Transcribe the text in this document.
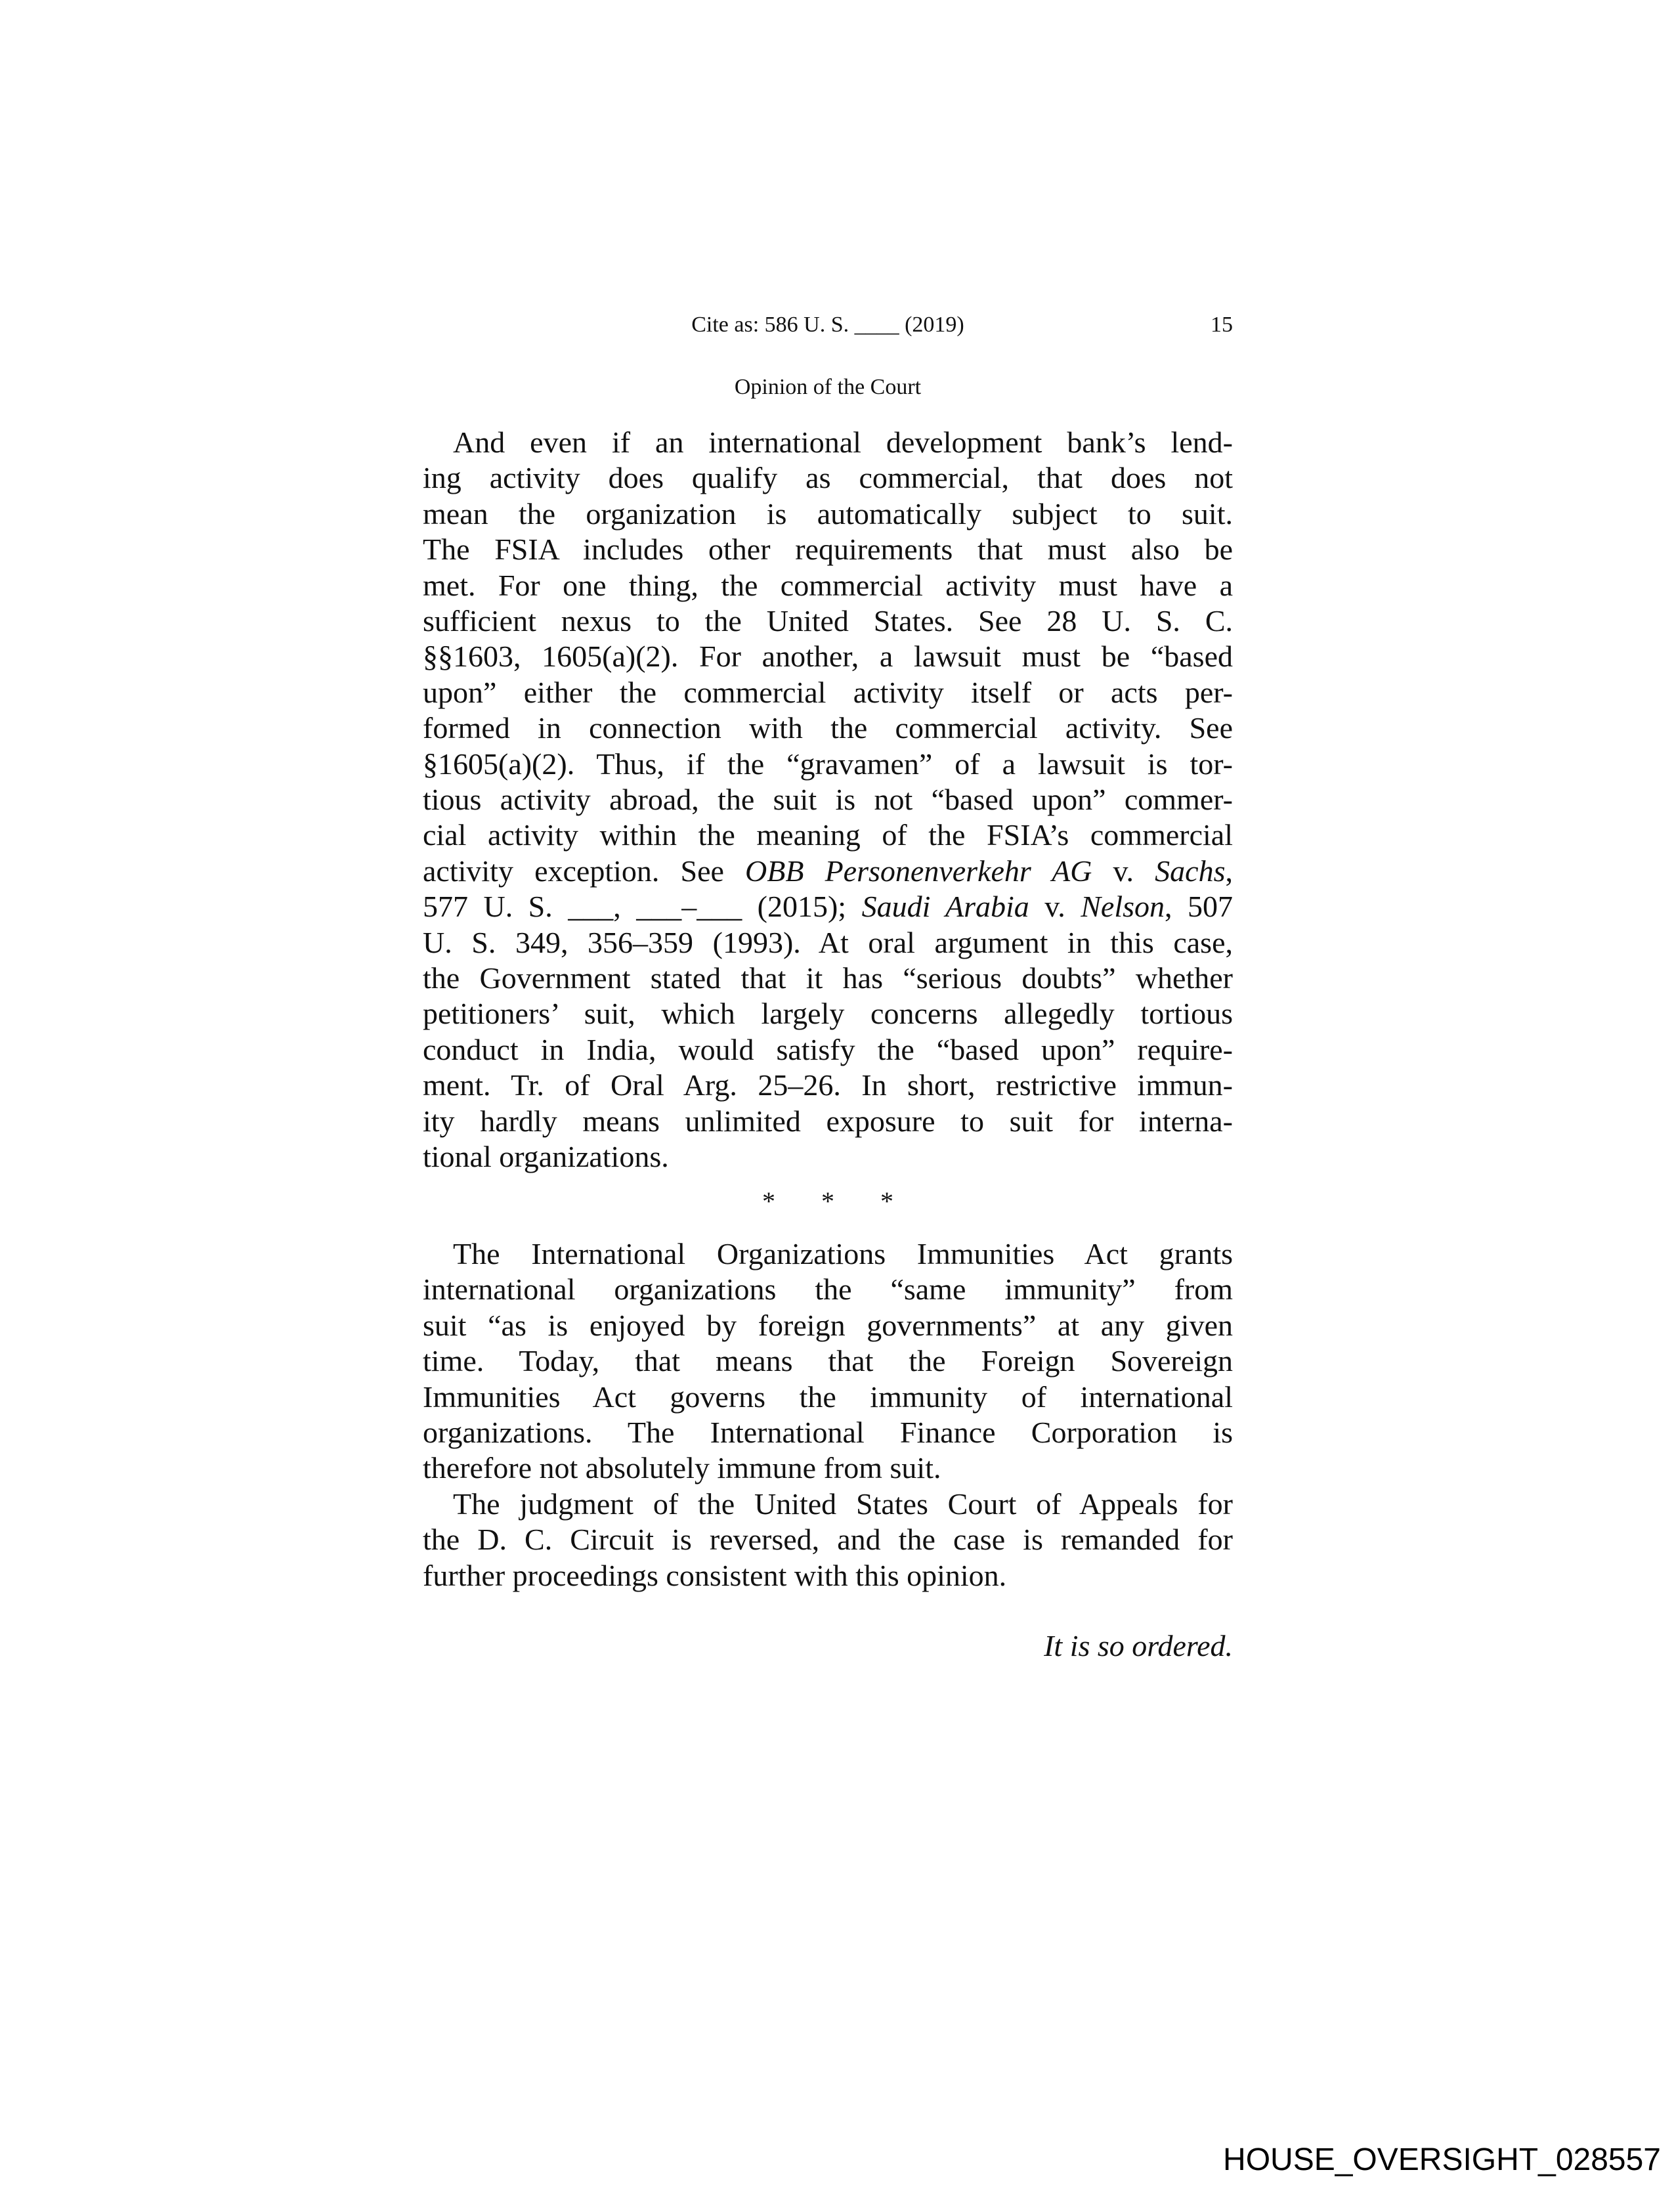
Cite as: 586 U. S. ____ (2019)	15
Opinion of the Court
And even if an international development bank’s lend-
ing activity does qualify as commercial, that does not
mean the organization is automatically subject to suit.
The FSIA includes other requirements that must also be
met. For one thing, the commercial activity must have a
sufficient nexus to the United States. See 28 U. S. C.
§§1603, 1605(a)(2). For another, a lawsuit must be “based
upon” either the commercial activity itself or acts per-
formed in connection with the commercial activity. See
§1605(a)(2). Thus, if the “gravamen” of a lawsuit is tor-
tious activity abroad, the suit is not “based upon” commer-
cial activity within the meaning of the FSIA’s commercial
activity exception. See OBB Personenverkehr AG v. Sachs,
577 U. S. ___, ___–___ (2015); Saudi Arabia v. Nelson, 507
U. S. 349, 356–359 (1993). At oral argument in this case,
the Government stated that it has “serious doubts” whether
petitioners’ suit, which largely concerns allegedly tortious
conduct in India, would satisfy the “based upon” require-
ment. Tr. of Oral Arg. 25–26. In short, restrictive immun-
ity hardly means unlimited exposure to suit for interna-
tional organizations.
The International Organizations Immunities Act grants
international organizations the “same immunity” from
suit “as is enjoyed by foreign governments” at any given
time. Today, that means that the Foreign Sovereign
Immunities Act governs the immunity of international
organizations. The International Finance Corporation is
therefore not absolutely immune from suit.
The judgment of the United States Court of Appeals for
the D. C. Circuit is reversed, and the case is remanded for
further proceedings consistent with this opinion.
* * *
It is so ordered.
HOUSE_OVERSIGHT_028557
